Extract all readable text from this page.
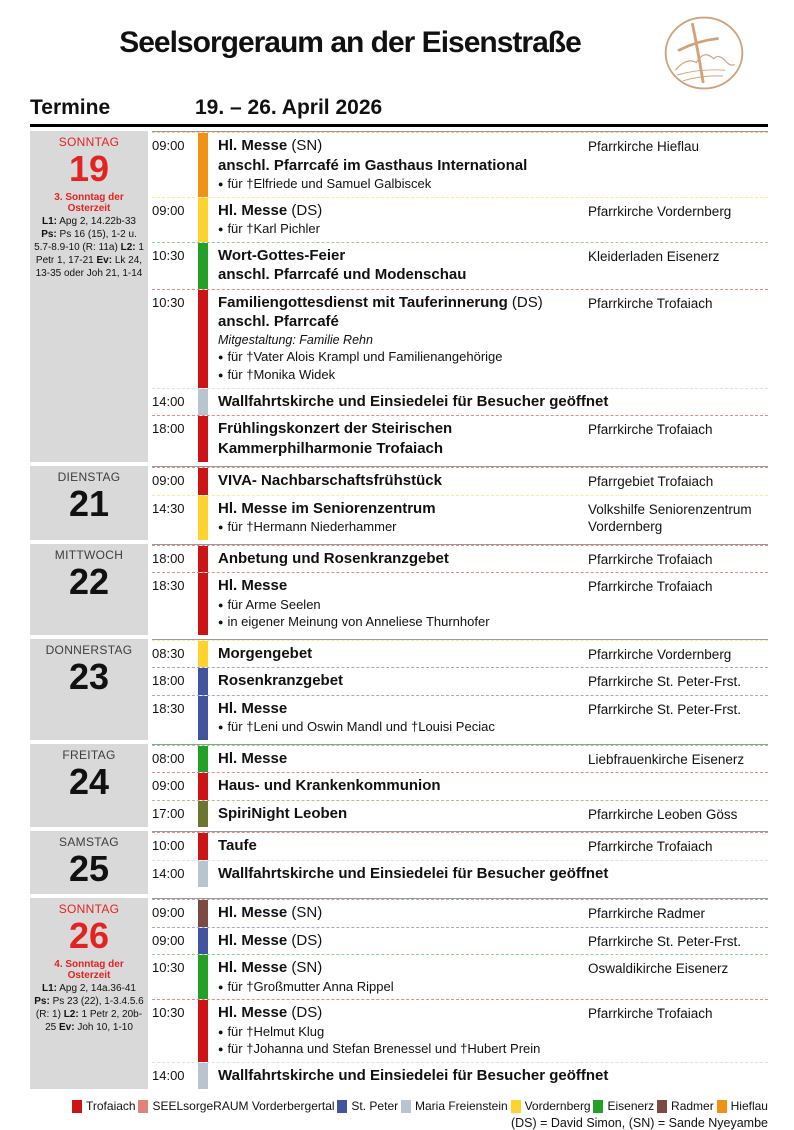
Seelsorgeraum an der Eisenstraße
Termine	19. – 26. April 2026
SONNTAG
19
3. Sonntag der Osterzeit
L1: Apg 2, 14.22b-33 Ps: Ps 16 (15), 1-2 u. 5.7-8.9-10 (R: 11a) L2: 1 Petr 1, 17-21 Ev: Lk 24, 13-35 oder Joh 21, 1-14
09:00	Hl. Messe (SN)
anschl. Pfarrcafé im Gasthaus International
● für †Elfriede und Samuel Galbiscek
Pfarrkirche Hieflau
09:00	Hl. Messe (DS)
● für †Karl Pichler
Pfarrkirche Vordernberg
10:30	Wort-Gottes-Feier
anschl. Pfarrcafé und Modenschau
Kleiderladen Eisenerz
10:30	Familiengottesdienst mit Tauferinnerung (DS)
anschl. Pfarrcafé
Mitgestaltung: Familie Rehn
● für †Vater Alois Krampl und Familienangehörige
● für †Monika Widek
Pfarrkirche Trofaiach
14:00	Wallfahrtskirche und Einsiedelei für Besucher geöffnet
18:00	Frühlingskonzert der Steirischen Kammerphilharmonie Trofaiach
Pfarrkirche Trofaiach
DIENSTAG
21
09:00	VIVA- Nachbarschaftsfrühstück	Pfarrgebiet Trofaiach
14:30	Hl. Messe im Seniorenzentrum
● für †Hermann Niederhammer
Volkshilfe Seniorenzentrum Vordernberg
MITTWOCH
22
18:00	Anbetung und Rosenkranzgebet	Pfarrkirche Trofaiach
18:30	Hl. Messe
● für Arme Seelen
● in eigener Meinung von Anneliese Thurnhofer
Pfarrkirche Trofaiach
DONNERSTAG
23
08:30	Morgengebet	Pfarrkirche Vordernberg
18:00	Rosenkranzgebet	Pfarrkirche St. Peter-Frst.
18:30	Hl. Messe
● für †Leni und Oswin Mandl und †Louisi Peciac
Pfarrkirche St. Peter-Frst.
FREITAG
24
08:00	Hl. Messe	Liebfrauenkirche Eisenerz
09:00	Haus- und Krankenkommunion
17:00	SpiriNight Leoben	Pfarrkirche Leoben Göss
SAMSTAG
25
10:00	Taufe	Pfarrkirche Trofaiach
14:00	Wallfahrtskirche und Einsiedelei für Besucher geöffnet
SONNTAG
26
4. Sonntag der Osterzeit
L1: Apg 2, 14a.36-41 Ps: Ps 23 (22), 1-3.4.5.6 (R: 1) L2: 1 Petr 2, 20b-25 Ev: Joh 10, 1-10
09:00	Hl. Messe (SN)	Pfarrkirche Radmer
09:00	Hl. Messe (DS)	Pfarrkirche St. Peter-Frst.
10:30	Hl. Messe (SN)
● für †Großmutter Anna Rippel
Oswaldikirche Eisenerz
10:30	Hl. Messe (DS)
● für †Helmut Klug
● für †Johanna und Stefan Brenessel und †Hubert Prein
Pfarrkirche Trofaiach
14:00	Wallfahrtskirche und Einsiedelei für Besucher geöffnet
Trofaiach SEELsorgeRAUM Vorderbergertal St. Peter Maria Freienstein Vordernberg Eisenerz Radmer Hieflau
(DS) = David Simon, (SN) = Sande Nyeyambe
